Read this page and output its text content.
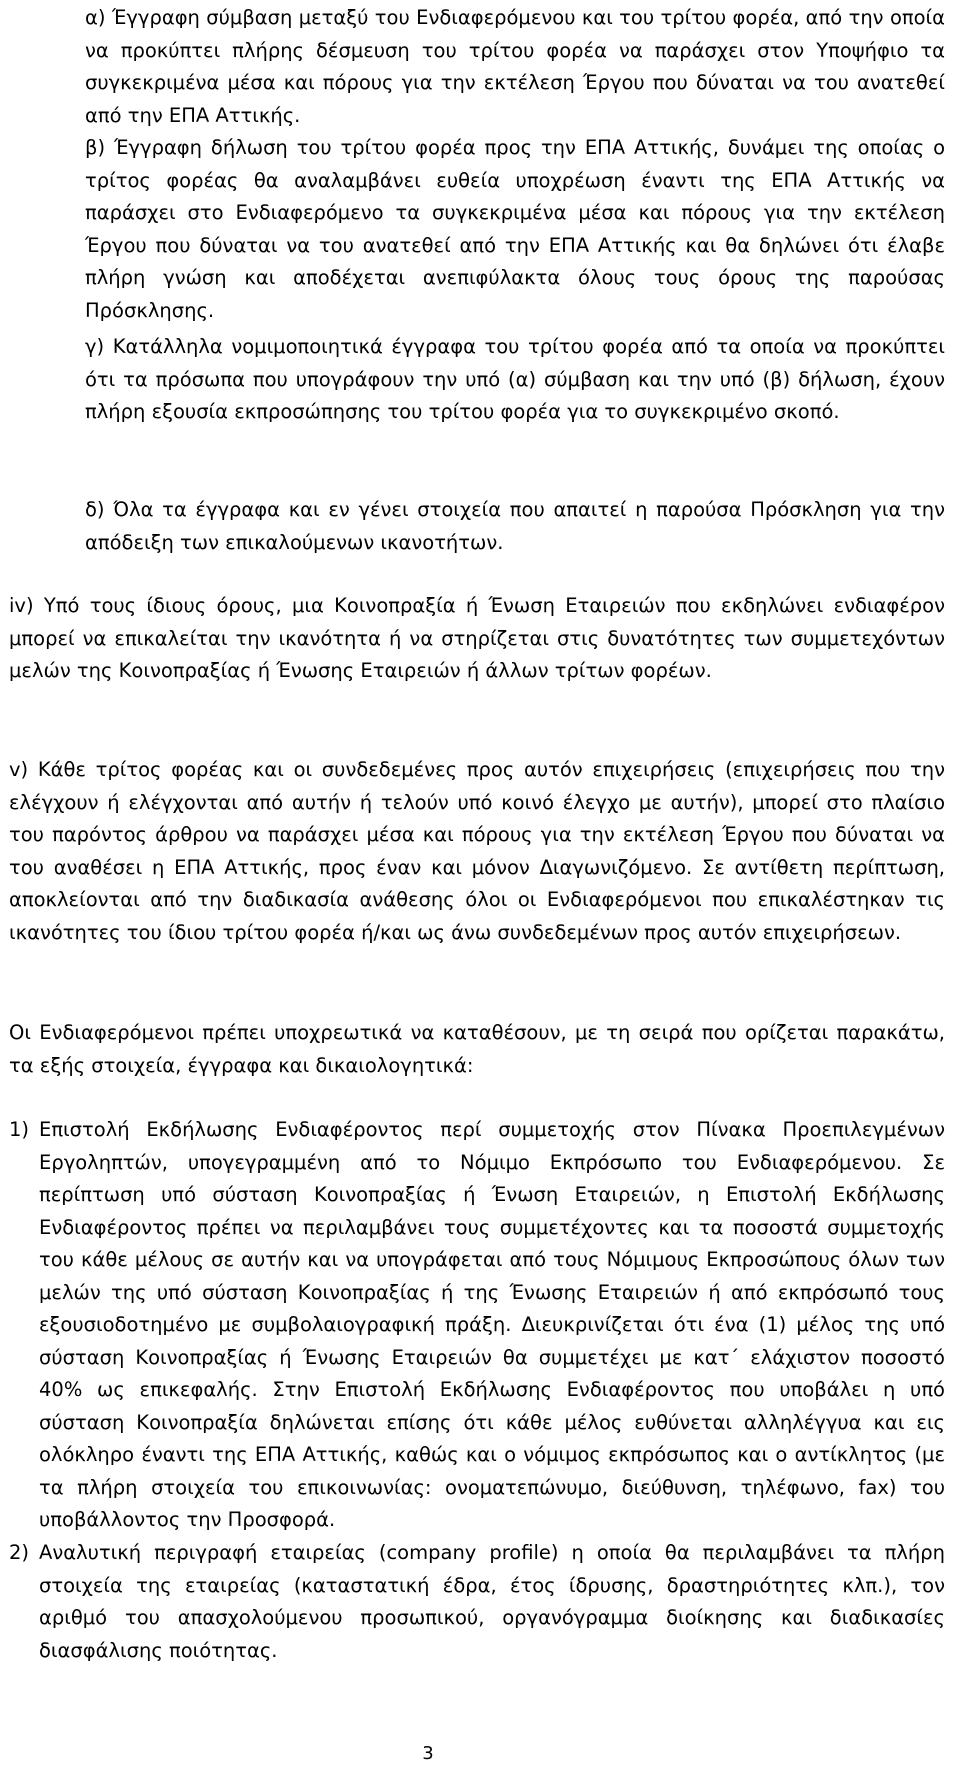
α) Έγγραφη σύμβαση μεταξύ του Ενδιαφερόμενου και του τρίτου φορέα, από την οποία να προκύπτει πλήρης δέσμευση του τρίτου φορέα να παράσχει στον Υποψήφιο τα συγκεκριμένα μέσα και πόρους για την εκτέλεση Έργου που δύναται να του ανατεθεί από την ΕΠΑ Αττικής.

β) Έγγραφη δήλωση του τρίτου φορέα προς την ΕΠΑ Αττικής, δυνάμει της οποίας ο τρίτος φορέας θα αναλαμβάνει ευθεία υποχρέωση έναντι της ΕΠΑ Αττικής να παράσχει στο Ενδιαφερόμενο τα συγκεκριμένα μέσα και πόρους για την εκτέλεση Έργου που δύναται να του ανατεθεί από την ΕΠΑ Αττικής και θα δηλώνει ότι έλαβε πλήρη γνώση και αποδέχεται ανεπιφύλακτα όλους τους όρους της παρούσας Πρόσκλησης.

γ) Κατάλληλα νομιμοποιητικά έγγραφα του τρίτου φορέα από τα οποία να προκύπτει ότι τα πρόσωπα που υπογράφουν την υπό (α) σύμβαση και την υπό (β) δήλωση, έχουν πλήρη εξουσία εκπροσώπησης του τρίτου φορέα για το συγκεκριμένο σκοπό.

δ) Όλα τα έγγραφα και εν γένει στοιχεία που απαιτεί η παρούσα Πρόσκληση για την απόδειξη των επικαλούμενων ικανοτήτων.

iv) Υπό τους ίδιους όρους, μια Κοινοπραξία ή Ένωση Εταιρειών που εκδηλώνει ενδιαφέρον μπορεί να επικαλείται την ικανότητα ή να στηρίζεται στις δυνατότητες των συμμετεχόντων μελών της Κοινοπραξίας ή Ένωσης Εταιρειών ή άλλων τρίτων φορέων.

v) Κάθε τρίτος φορέας και οι συνδεδεμένες προς αυτόν επιχειρήσεις (επιχειρήσεις που την ελέγχουν ή ελέγχονται από αυτήν ή τελούν υπό κοινό έλεγχο με αυτήν), μπορεί στο πλαίσιο του παρόντος άρθρου να παράσχει μέσα και πόρους για την εκτέλεση Έργου που δύναται να του αναθέσει η ΕΠΑ Αττικής, προς έναν και μόνον Διαγωνιζόμενο. Σε αντίθετη περίπτωση, αποκλείονται από την διαδικασία ανάθεσης όλοι οι Ενδιαφερόμενοι που επικαλέστηκαν τις ικανότητες του ίδιου τρίτου φορέα ή/και ως άνω συνδεδεμένων προς αυτόν επιχειρήσεων.

Οι Ενδιαφερόμενοι πρέπει υποχρεωτικά να καταθέσουν, με τη σειρά που ορίζεται παρακάτω, τα εξής στοιχεία, έγγραφα και δικαιολογητικά:

1) Επιστολή Εκδήλωσης Ενδιαφέροντος περί συμμετοχής στον Πίνακα Προεπιλεγμένων Εργοληπτών, υπογεγραμμένη από το Νόμιμο Εκπρόσωπο του Ενδιαφερόμενου. Σε περίπτωση υπό σύσταση Κοινοπραξίας ή Ένωση Εταιρειών, η Επιστολή Εκδήλωσης Ενδιαφέροντος πρέπει να περιλαμβάνει τους συμμετέχοντες και τα ποσοστά συμμετοχής του κάθε μέλους σε αυτήν και να υπογράφεται από τους Νόμιμους Εκπροσώπους όλων των μελών της υπό σύσταση Κοινοπραξίας ή της Ένωσης Εταιρειών ή από εκπρόσωπό τους εξουσιοδοτημένο με συμβολαιογραφική πράξη. Διευκρινίζεται ότι ένα (1) μέλος της υπό σύσταση Κοινοπραξίας ή Ένωσης Εταιρειών θα συμμετέχει με κατ΄ ελάχιστον ποσοστό 40% ως επικεφαλής. Στην Επιστολή Εκδήλωσης Ενδιαφέροντος που υποβάλει η υπό σύσταση Κοινοπραξία δηλώνεται επίσης ότι κάθε μέλος ευθύνεται αλληλέγγυα και εις ολόκληρο έναντι της ΕΠΑ Αττικής, καθώς και ο νόμιμος εκπρόσωπος και ο αντίκλητος (με τα πλήρη στοιχεία του επικοινωνίας: ονοματεπώνυμο, διεύθυνση, τηλέφωνο, fax) του υποβάλλοντος την Προσφορά.

2) Αναλυτική περιγραφή εταιρείας (company profile) η οποία θα περιλαμβάνει τα πλήρη στοιχεία της εταιρείας (καταστατική έδρα, έτος ίδρυσης, δραστηριότητες κλπ.), τον αριθμό του απασχολούμενου προσωπικού, οργανόγραμμα διοίκησης και διαδικασίες διασφάλισης ποιότητας.

3
